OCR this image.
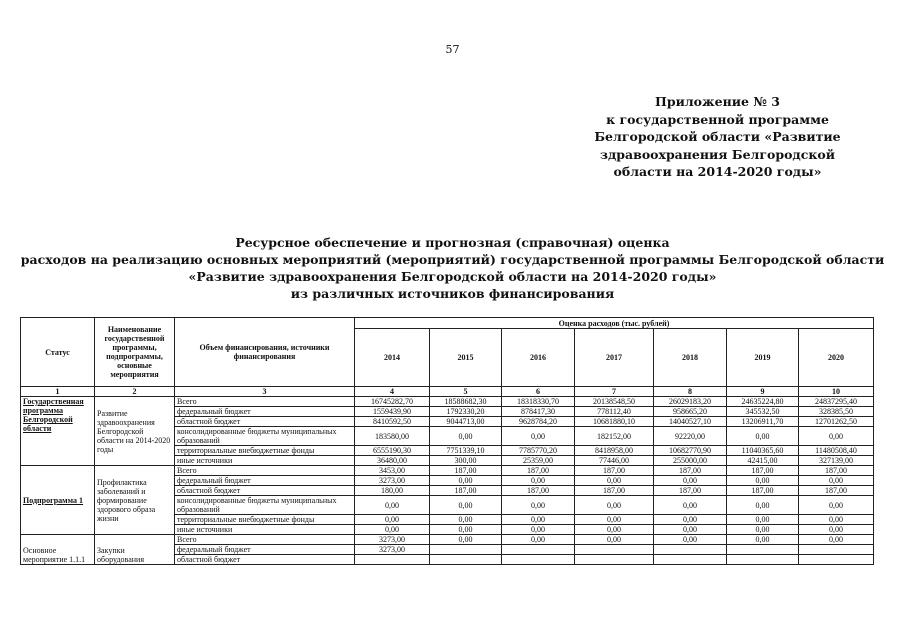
57
Приложение № 3
к государственной программе
Белгородской области «Развитие
здравоохранения Белгородской
области на 2014-2020 годы»
Ресурсное обеспечение и прогнозная (справочная) оценка
расходов на реализацию основных мероприятий (мероприятий) государственной программы Белгородской области
«Развитие здравоохранения Белгородской области на 2014-2020 годы»
из различных источников финансирования
Статус	Наименование государственной программы, подпрограммы, основные мероприятия	Объем финансирования, источники финансирования	Оценка расходов (тыс. рублей)						
			2014	2015	2016	2017	2018	2019	2020
1	2	3	4	5	6	7	8	9	10
Государственная программа Белгородской области	Развитие здравоохранения Белгородской области на 2014-2020 годы	Всего	16745282,70	18588682,30	18318330,70	20138548,50	26029183,20	24635224,80	24837295,40
		федеральный бюджет	1559439,90	1792330,20	878417,30	778112,40	958665,20	345532,50	328385,50
		областной бюджет	8410592,50	9044713,00	9628784,20	10681880,10	14040527,10	13206911,70	12701262,50
		консолидированные бюджеты муниципальных образований	183580,00	0,00	0,00	182152,00	92220,00	0,00	0,00
		территориальные внебюджетные фонды	6555190,30	7751339,10	7785770,20	8418958,00	10682770,90	11040365,60	11480508,40
		иные источники	36480,00	300,00	25359,00	77446,00	255000,00	42415,00	327139,00
Подпрограмма 1	Профилактика заболеваний и формирование здорового образа жизни	Всего	3453,00	187,00	187,00	187,00	187,00	187,00	187,00
		федеральный бюджет	3273,00	0,00	0,00	0,00	0,00	0,00	0,00
		областной бюджет	180,00	187,00	187,00	187,00	187,00	187,00	187,00
		консолидированные бюджеты муниципальных образований	0,00	0,00	0,00	0,00	0,00	0,00	0,00
		территориальные внебюджетные фонды	0,00	0,00	0,00	0,00	0,00	0,00	0,00
		иные источники	0,00	0,00	0,00	0,00	0,00	0,00	0,00
Основное мероприятие 1.1.1	Закупки оборудования	Всего	3273,00	0,00	0,00	0,00	0,00	0,00	0,00
		федеральный бюджет	3273,00						
		областной бюджет							
